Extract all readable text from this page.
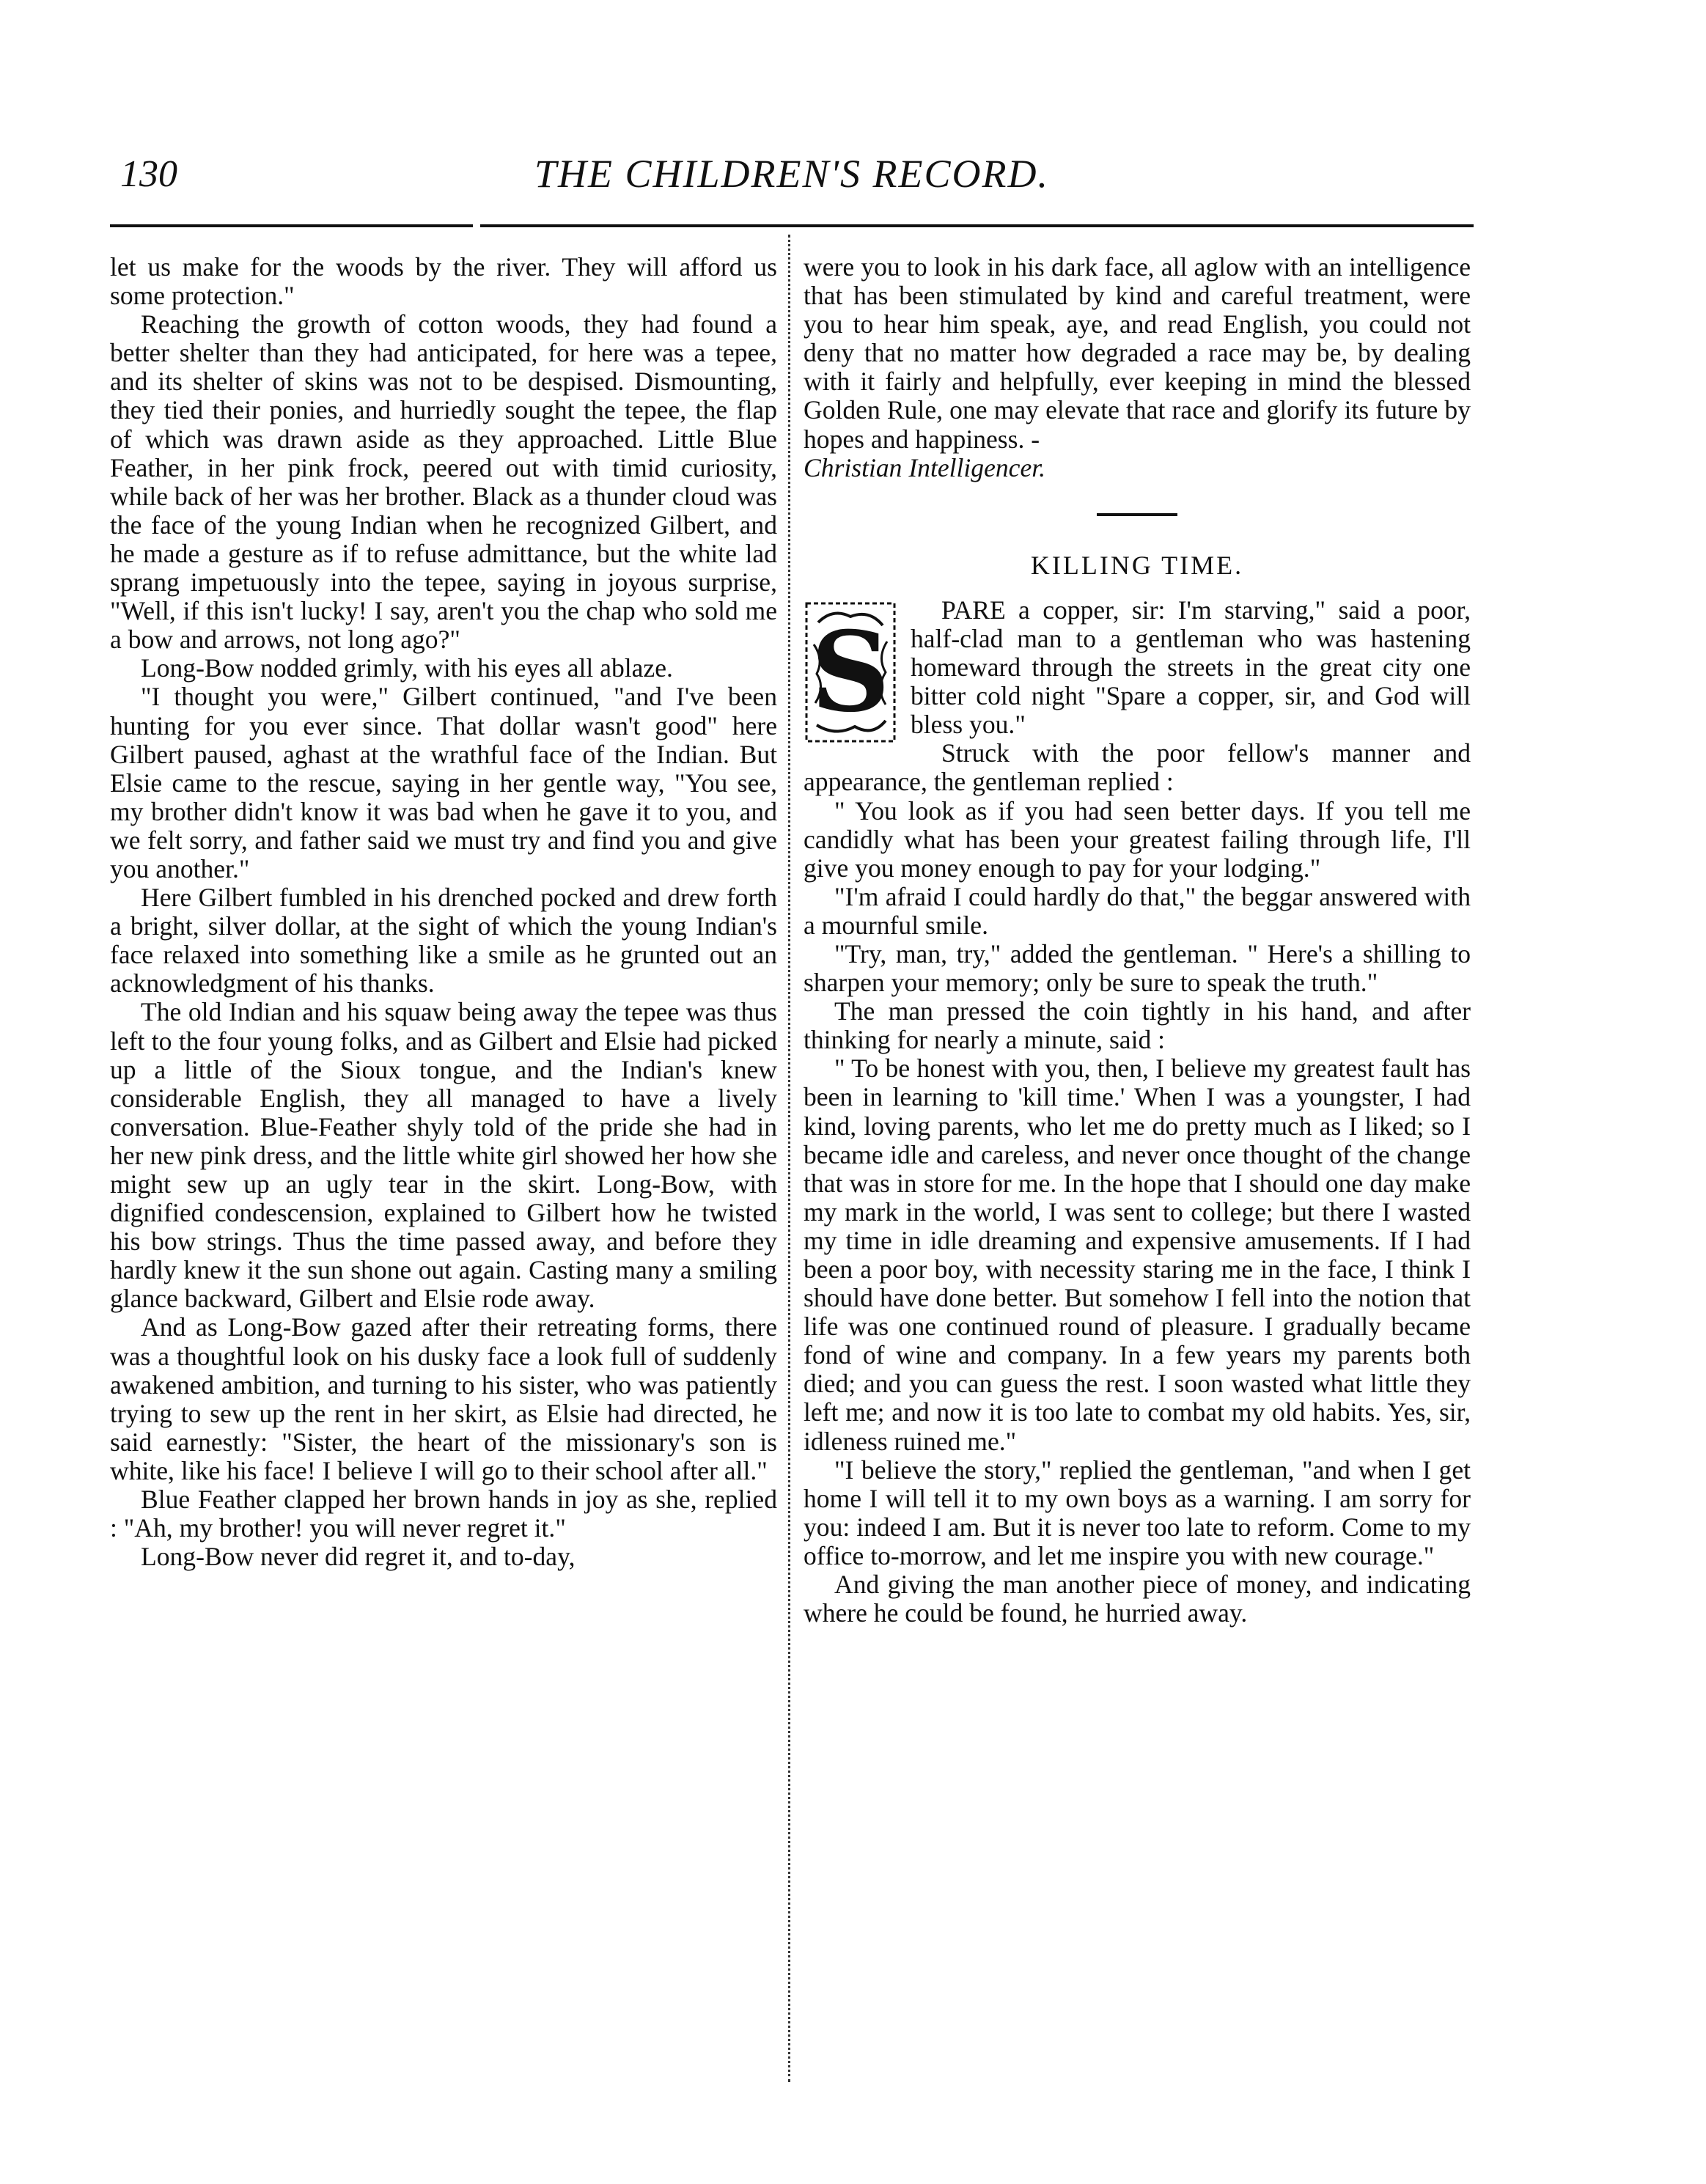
130	THE CHILDREN'S RECORD.

let us make for the woods by the river. They will afford us some protection."

Reaching the growth of cotton woods, they had found a better shelter than they had anticipated, for here was a tepee, and its shelter of skins was not to be despised. Dismounting, they tied their ponies, and hurriedly sought the tepee, the flap of which was drawn aside as they approached. Little Blue Feather, in her pink frock, peered out with timid curiosity, while back of her was her brother. Black as a thunder cloud was the face of the young Indian when he recognized Gilbert, and he made a gesture as if to refuse admittance, but the white lad sprang impetuously into the tepee, saying in joyous surprise, "Well, if this isn't lucky! I say, aren't you the chap who sold me a bow and arrows, not long ago?"

Long-Bow nodded grimly, with his eyes all ablaze.

"I thought you were," Gilbert continued, "and I've been hunting for you ever since. That dollar wasn't good" here Gilbert paused, aghast at the wrathful face of the Indian. But Elsie came to the rescue, saying in her gentle way, "You see, my brother didn't know it was bad when he gave it to you, and we felt sorry, and father said we must try and find you and give you another."

Here Gilbert fumbled in his drenched pocked and drew forth a bright, silver dollar, at the sight of which the young Indian's face relaxed into something like a smile as he grunted out an acknowledgment of his thanks.

The old Indian and his squaw being away the tepee was thus left to the four young folks, and as Gilbert and Elsie had picked up a little of the Sioux tongue, and the Indian's knew considerable English, they all managed to have a lively conversation. Blue-Feather shyly told of the pride she had in her new pink dress, and the little white girl showed her how she might sew up an ugly tear in the skirt. Long-Bow, with dignified condescension, explained to Gilbert how he twisted his bow strings. Thus the time passed away, and before they hardly knew it the sun shone out again. Casting many a smiling glance backward, Gilbert and Elsie rode away.

And as Long-Bow gazed after their retreating forms, there was a thoughtful look on his dusky face a look full of suddenly awakened ambition, and turning to his sister, who was patiently trying to sew up the rent in her skirt, as Elsie had directed, he said earnestly: "Sister, the heart of the missionary's son is white, like his face! I believe I will go to their school after all."

Blue Feather clapped her brown hands in joy as she, replied : "Ah, my brother! you will never regret it."

Long-Bow never did regret it, and to-day,

were you to look in his dark face, all aglow with an intelligence that has been stimulated by kind and careful treatment, were you to hear him speak, aye, and read English, you could not deny that no matter how degraded a race may be, by dealing with it fairly and helpfully, ever keeping in mind the blessed Golden Rule, one may elevate that race and glorify its future by hopes and happiness. -

Christian Intelligencer.

KILLING TIME.
S	PARE a copper, sir: I'm starving," said a poor, half-clad man to a gentleman who was hastening homeward through the streets in the great city one bitter cold night "Spare a copper, sir, and God will bless you."

Struck with the poor fellow's manner and appearance, the gentleman replied :

" You look as if you had seen better days. If you tell me candidly what has been your greatest failing through life, I'll give you money enough to pay for your lodging."

"I'm afraid I could hardly do that," the beggar answered with a mournful smile.

"Try, man, try," added the gentleman. " Here's a shilling to sharpen your memory; only be sure to speak the truth."

The man pressed the coin tightly in his hand, and after thinking for nearly a minute, said :

" To be honest with you, then, I believe my greatest fault has been in learning to 'kill time.' When I was a youngster, I had kind, loving parents, who let me do pretty much as I liked; so I became idle and careless, and never once thought of the change that was in store for me. In the hope that I should one day make my mark in the world, I was sent to college; but there I wasted my time in idle dreaming and expensive amusements. If I had been a poor boy, with necessity staring me in the face, I think I should have done better. But somehow I fell into the notion that life was one continued round of pleasure. I gradually became fond of wine and company. In a few years my parents both died; and you can guess the rest. I soon wasted what little they left me; and now it is too late to combat my old habits. Yes, sir, idleness ruined me."

"I believe the story," replied the gentleman, "and when I get home I will tell it to my own boys as a warning. I am sorry for you: indeed I am. But it is never too late to reform. Come to my office to-morrow, and let me inspire you with new courage."

And giving the man another piece of money, and indicating where he could be found, he hurried away.
